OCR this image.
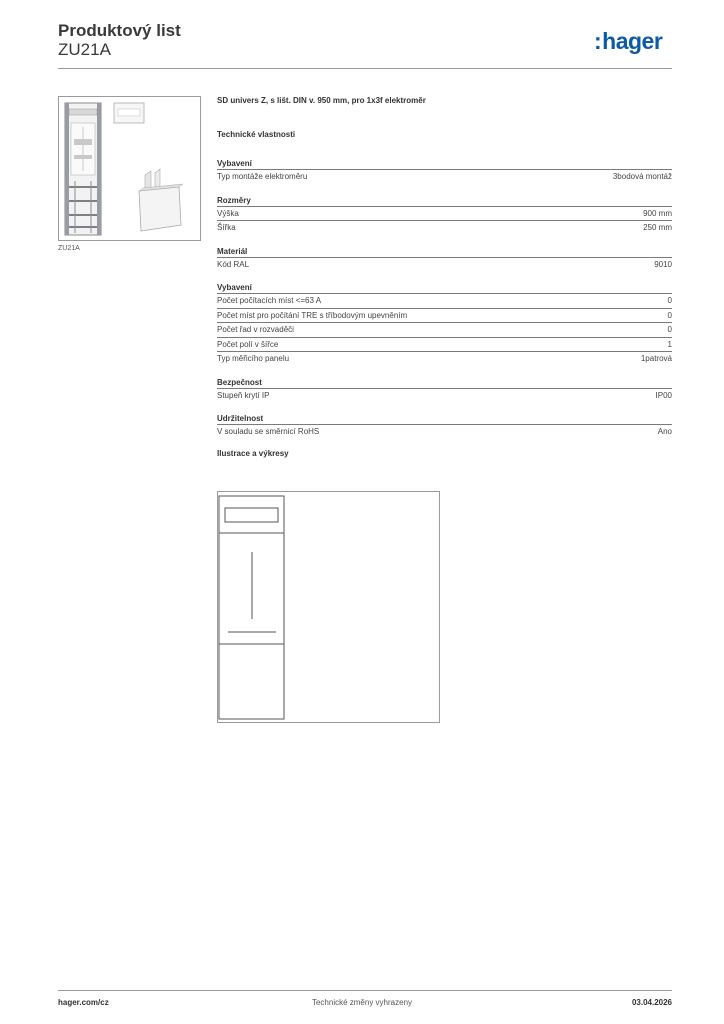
Produktový list
ZU21A	:hager
ZU21A
SD univers Z, s lišt. DIN v. 950 mm, pro 1x3f elektroměr
Technické vlastnosti
Vybavení
Typ montáže elektroměru	3bodová montáž
Rozměry
Výška	900 mm
Šířka	250 mm
Materiál
Kód RAL	9010
Vybavení
Počet počítacích míst <=63 A	0
Počet míst pro počítání TRE s tříbodovým upevněním	0
Počet řad v rozvaděči	0
Počet polí v šířce	1
Typ měřicího panelu	1patrová
Bezpečnost
Stupeň krytí IP	IP00
Udržitelnost
V souladu se směrnicí RoHS	Ano
Ilustrace a výkresy
hager.com/cz	Technické změny vyhrazeny	03.04.2026
